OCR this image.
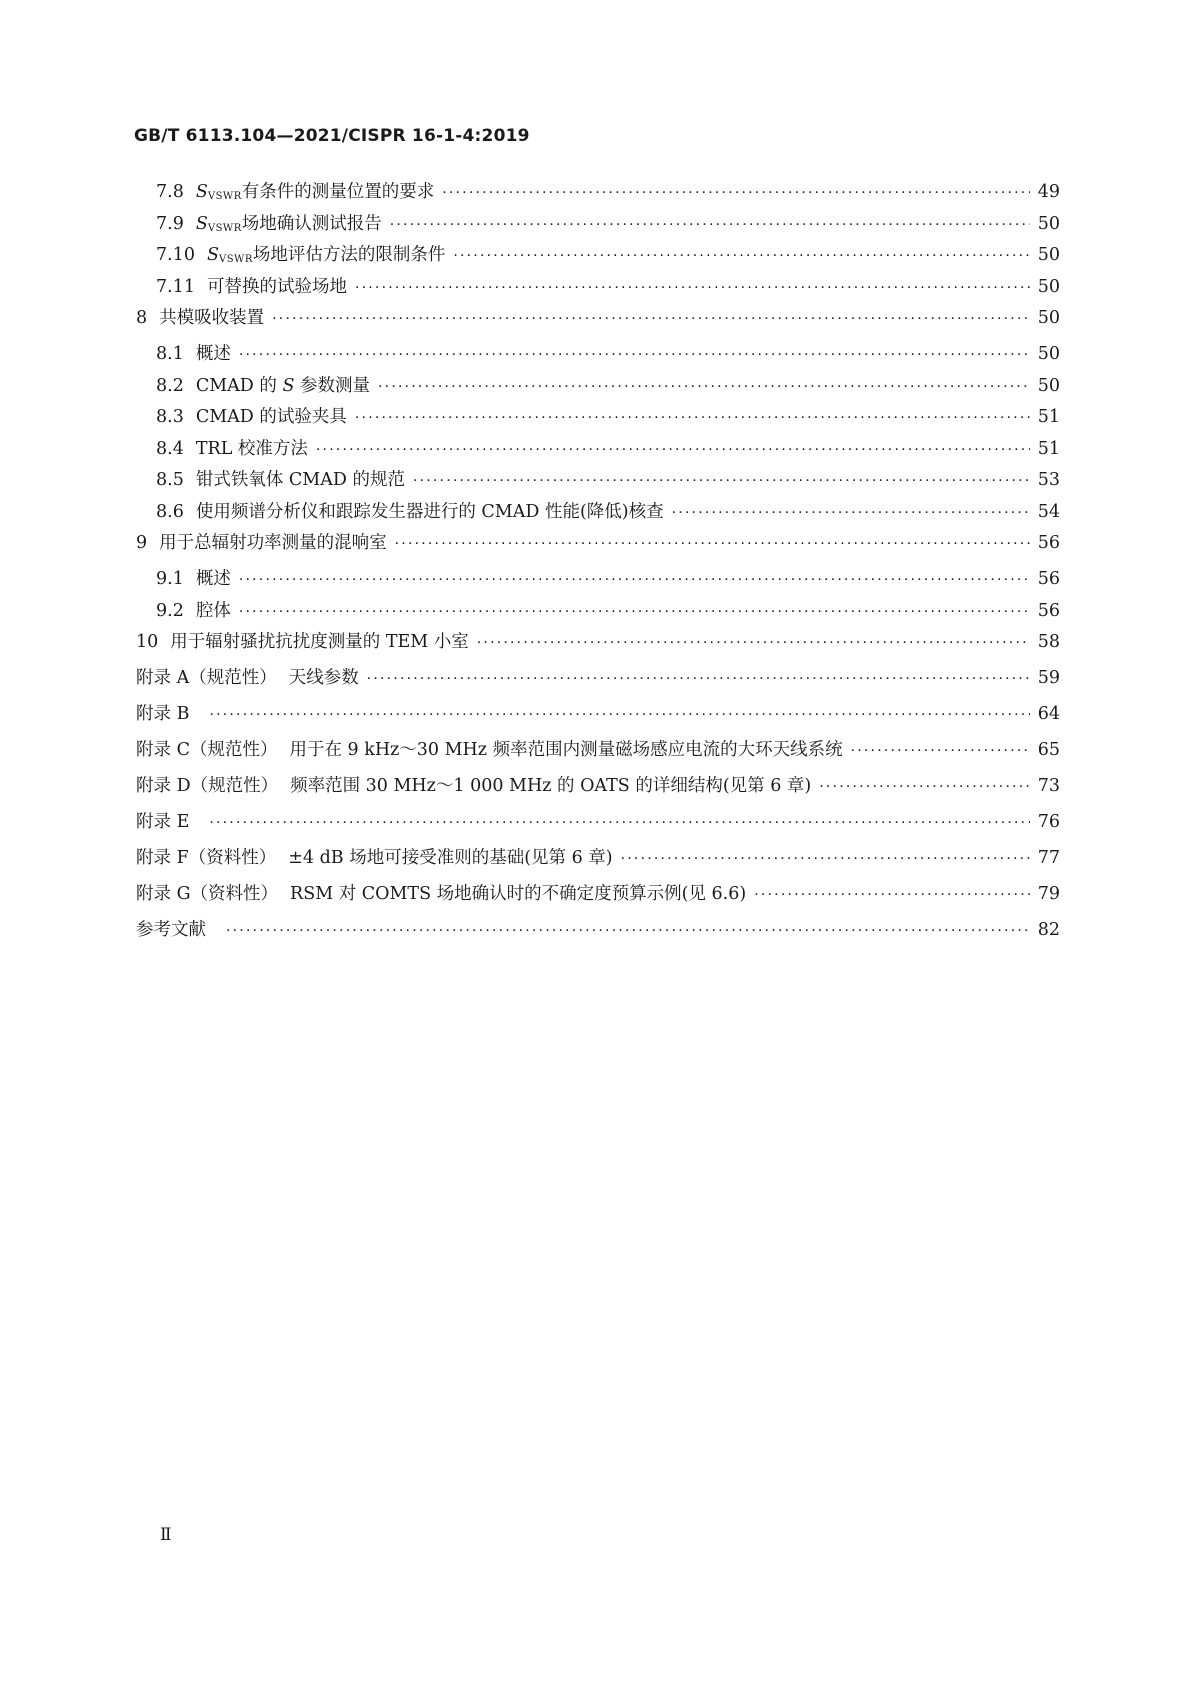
GB/T 6113.104—2021/CISPR 16-1-4:2019
7.8 $S_{VSWR}$有条件的测量位置的要求 ·····	49
7.9 $S_{VSWR}$场地确认测试报告 ·····	50
7.10 $S_{VSWR}$场地评估方法的限制条件 ·····	50
7.11 可替换的试验场地 ·····	50
8 共模吸收装置 ·····	50
8.1 概述 ·····	50
8.2 CMAD 的 S 参数测量 ·····	50
8.3 CMAD 的试验夹具 ·····	51
8.4 TRL 校准方法 ·····	51
8.5 钳式铁氧体 CMAD 的规范 ·····	53
8.6 使用频谱分析仪和跟踪发生器进行的 CMAD 性能(降低)核查 ·····	54
9 用于总辐射功率测量的混响室 ·····	56
9.1 概述 ·····	56
9.2 腔体 ·····	56
10 用于辐射骚扰抗扰度测量的 TEM 小室 ·····	58
附录 A（规范性） 天线参数 ·····	59
附录 B ·····	64
附录 C（规范性） 用于在 9 kHz～30 MHz 频率范围内测量磁场感应电流的大环天线系统 ·····	65
附录 D（规范性） 频率范围 30 MHz～1 000 MHz 的 OATS 的详细结构(见第 6 章) ·····	73
附录 E ·····	76
附录 F（资料性） ±4 dB 场地可接受准则的基础(见第 6 章) ·····	77
附录 G（资料性） RSM 对 COMTS 场地确认时的不确定度预算示例(见 6.6) ·····	79
参考文献 ·····	82
Ⅱ
